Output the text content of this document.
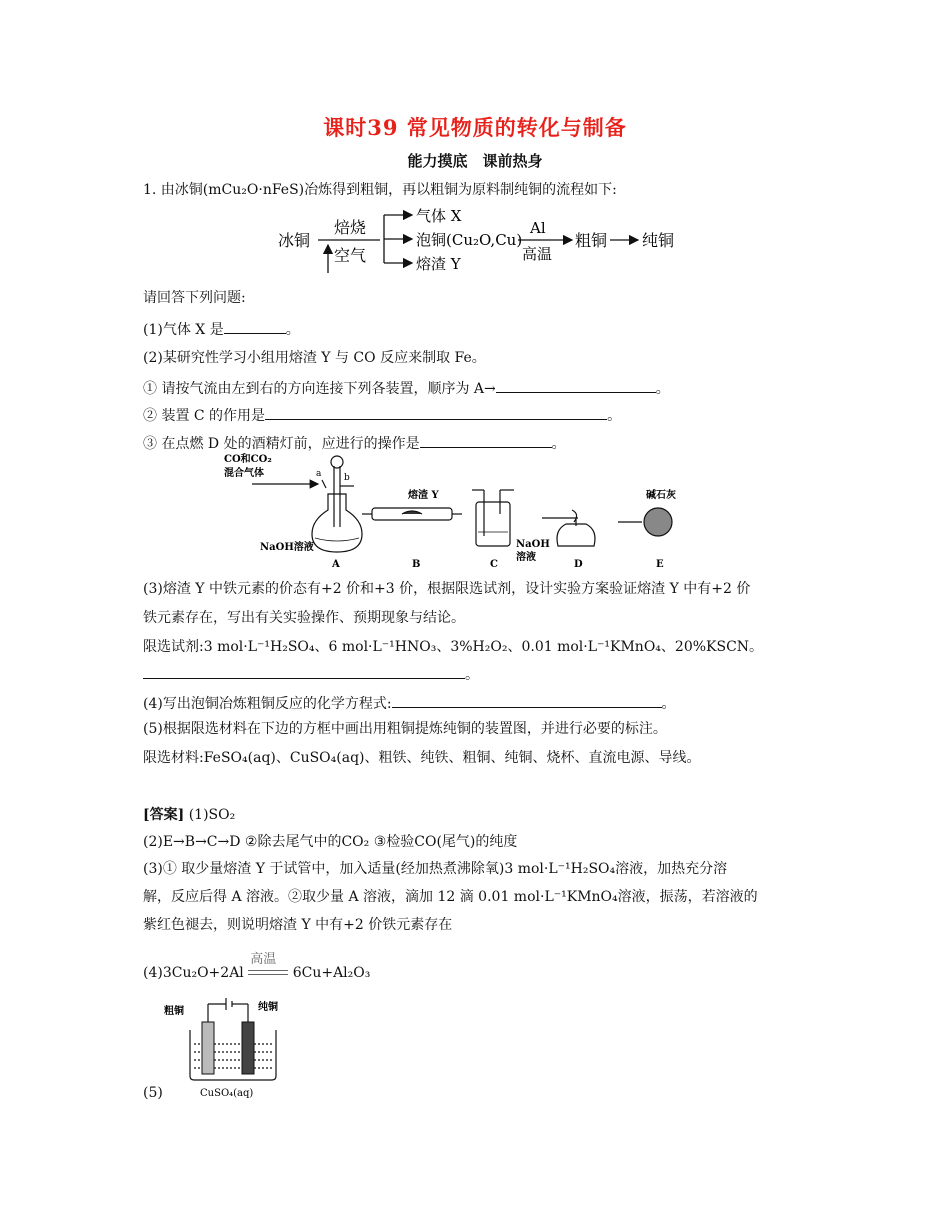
课时39 常见物质的转化与制备
能力摸底　课前热身
1. 由冰铜(mCu₂O·nFeS)冶炼得到粗铜，再以粗铜为原料制纯铜的流程如下:
冰铜
焙烧
空气
气体 X
泡铜(Cu₂O,Cu)
熔渣 Y
Al
高温
粗铜 纯铜
请回答下列问题:
(1)气体 X 是	。
(2)某研究性学习小组用熔渣 Y 与 CO 反应来制取 Fe。
① 请按气流由左到右的方向连接下列各装置，顺序为 A→	。
② 装置 C 的作用是	。
③ 在点燃 D 处的酒精灯前，应进行的操作是	。
CO和CO₂
混合气体	a	b
NaOH溶液
熔渣 Y
NaOH
溶液
碱石灰
A	B	C	D	E
(3)熔渣 Y 中铁元素的价态有+2 价和+3 价，根据限选试剂，设计实验方案验证熔渣 Y 中有+2 价
铁元素存在，写出有关实验操作、预期现象与结论。
限选试剂:3 mol·L⁻¹H₂SO₄、6 mol·L⁻¹HNO₃、3%H₂O₂、0.01 mol·L⁻¹KMnO₄、20%KSCN。
。
(4)写出泡铜冶炼粗铜反应的化学方程式:	。
(5)根据限选材料在下边的方框中画出用粗铜提炼纯铜的装置图，并进行必要的标注。
限选材料:FeSO₄(aq)、CuSO₄(aq)、粗铁、纯铁、粗铜、纯铜、烧杯、直流电源、导线。
[答案] (1)SO₂
(2)E→B→C→D ②除去尾气中的CO₂ ③检验CO(尾气)的纯度
(3)① 取少量熔渣 Y 于试管中，加入适量(经加热煮沸除氧)3 mol·L⁻¹H₂SO₄溶液，加热充分溶
解，反应后得 A 溶液。②取少量 A 溶液，滴加 12 滴 0.01 mol·L⁻¹KMnO₄溶液，振荡，若溶液的
紫红色褪去，则说明熔渣 Y 中有+2 价铁元素存在
(4)3Cu₂O+2Al
高温
6Cu+Al₂O₃
粗铜	纯铜
CuSO₄(aq)
(5)
